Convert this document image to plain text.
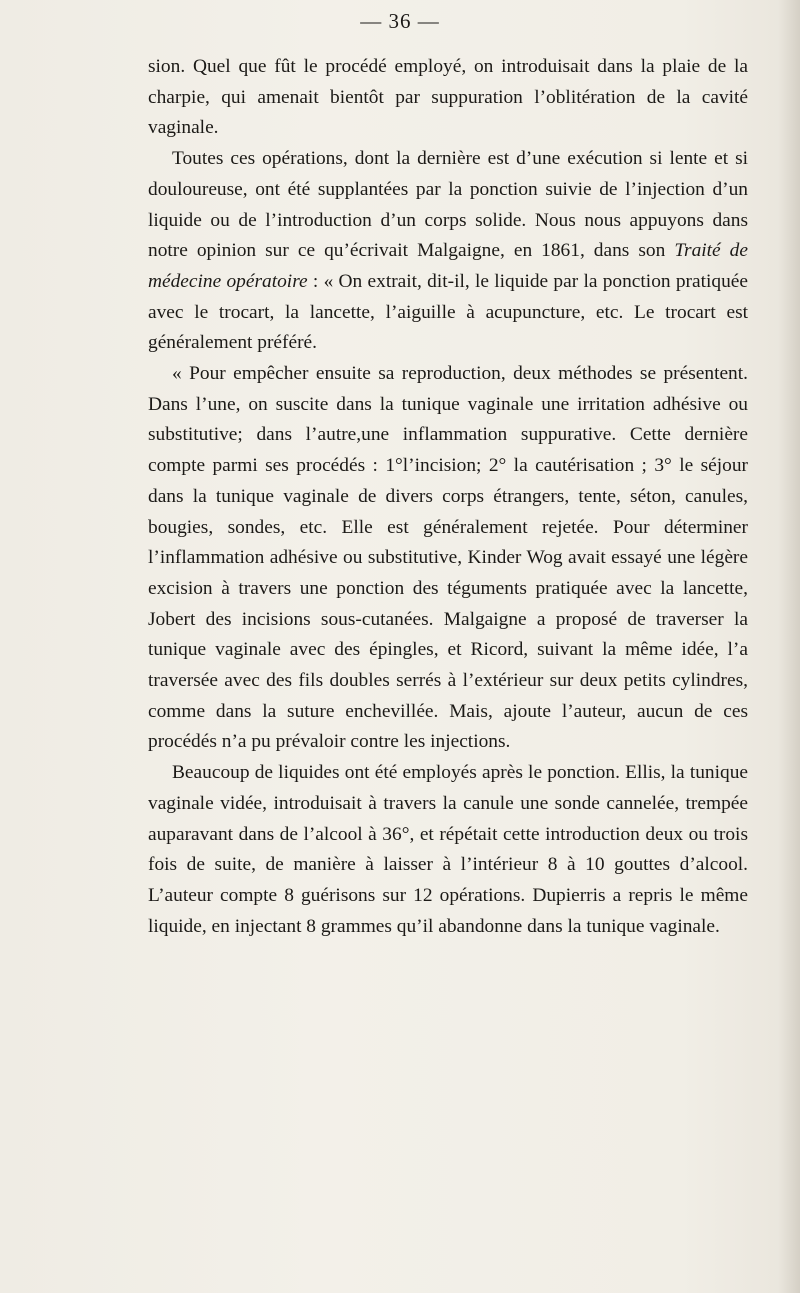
— 36 —

sion. Quel que fût le procédé employé, on introduisait dans la plaie de la charpie, qui amenait bientôt par suppuration l’oblitération de la cavité vaginale.

Toutes ces opérations, dont la dernière est d’une exécution si lente et si douloureuse, ont été supplantées par la ponction suivie de l’injection d’un liquide ou de l’introduction d’un corps solide. Nous nous appuyons dans notre opinion sur ce qu’écrivait Malgaigne, en 1861, dans son Traité de médecine opératoire : « On extrait, dit-il, le liquide par la ponction pratiquée avec le trocart, la lancette, l’aiguille à acupuncture, etc. Le trocart est généralement préféré.

« Pour empêcher ensuite sa reproduction, deux méthodes se présentent. Dans l’une, on suscite dans la tunique vaginale une irritation adhésive ou substitutive; dans l’autre,une inflammation suppurative. Cette dernière compte parmi ses procédés : 1°l’incision; 2° la cautérisation ; 3° le séjour dans la tunique vaginale de divers corps étrangers, tente, séton, canules, bougies, sondes, etc. Elle est généralement rejetée. Pour déterminer l’inflammation adhésive ou substitutive, Kinder Wog avait essayé une légère excision à travers une ponction des téguments pratiquée avec la lancette, Jobert des incisions sous-cutanées. Malgaigne a proposé de traverser la tunique vaginale avec des épingles, et Ricord, suivant la même idée, l’a traversée avec des fils doubles serrés à l’extérieur sur deux petits cylindres, comme dans la suture enchevillée. Mais, ajoute l’auteur, aucun de ces procédés n’a pu prévaloir contre les injections.

Beaucoup de liquides ont été employés après le ponction. Ellis, la tunique vaginale vidée, introduisait à travers la canule une sonde cannelée, trempée auparavant dans de l’alcool à 36°, et répétait cette introduction deux ou trois fois de suite, de manière à laisser à l’intérieur 8 à 10 gouttes d’alcool. L’auteur compte 8 guérisons sur 12 opérations. Dupierris a repris le même liquide, en injectant 8 grammes qu’il abandonne dans la tunique vaginale.
